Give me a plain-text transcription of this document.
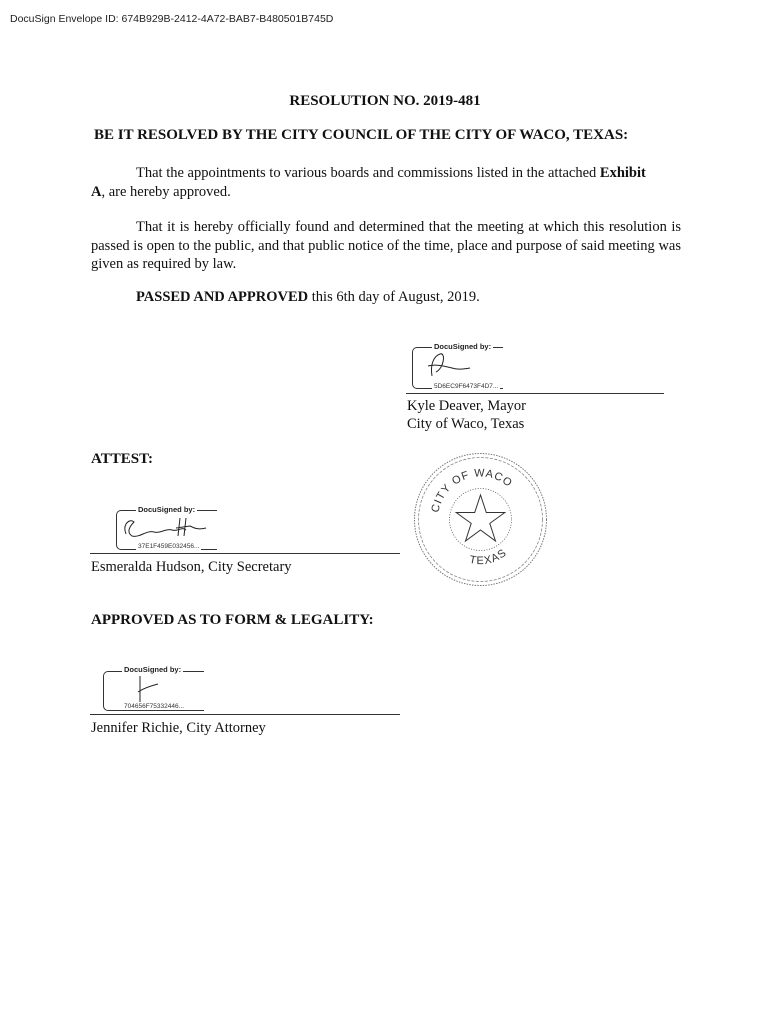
DocuSign Envelope ID: 674B929B-2412-4A72-BAB7-B480501B745D
RESOLUTION NO. 2019-481
BE IT RESOLVED BY THE CITY COUNCIL OF THE CITY OF WACO, TEXAS:
That the appointments to various boards and commissions listed in the attached Exhibit
A, are hereby approved.
That it is hereby officially found and determined that the meeting at which this resolution is passed is open to the public, and that public notice of the time, place and purpose of said meeting was given as required by law.
PASSED AND APPROVED this 6th day of August, 2019.
DocuSigned by:
5D6EC9F6473F4D7...
Kyle Deaver, Mayor
City of Waco, Texas
ATTEST:
DocuSigned by:
37E1F459E032456...
Esmeralda Hudson, City Secretary
CITY OF WACO
TEXAS
APPROVED AS TO FORM & LEGALITY:
DocuSigned by:
704656F75332446...
Jennifer Richie, City Attorney
